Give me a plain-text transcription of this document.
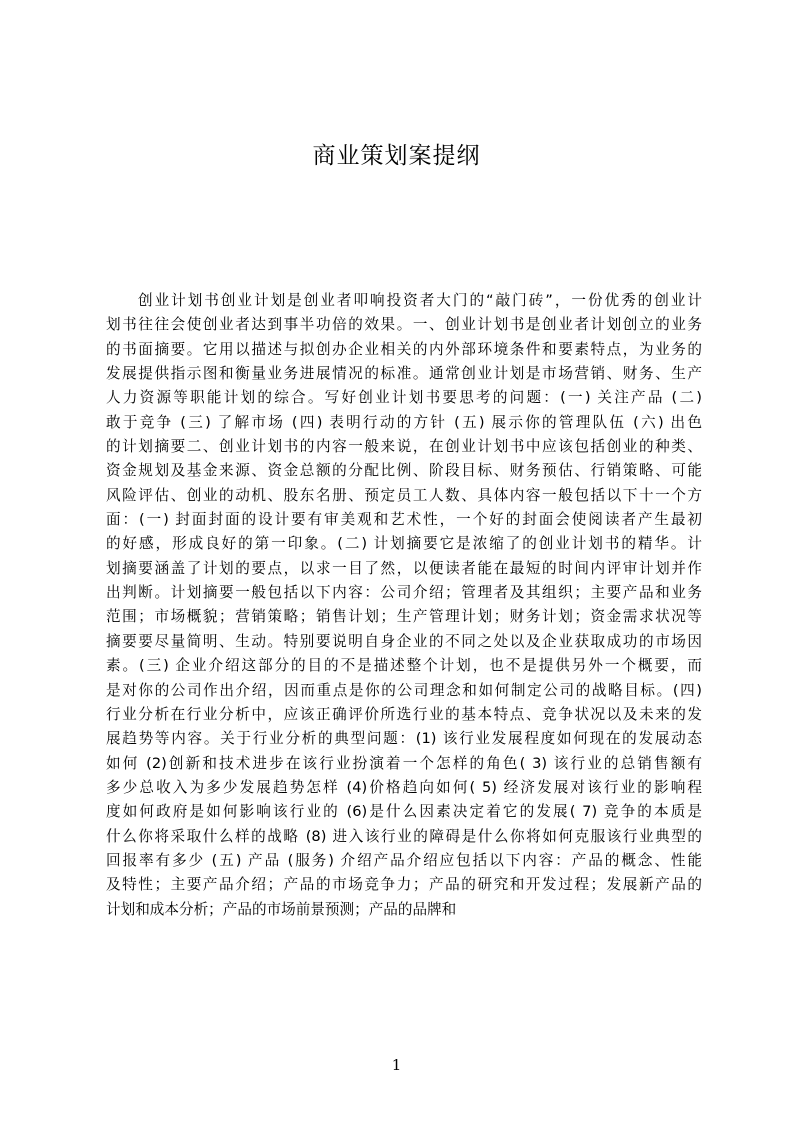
商业策划案提纲
创业计划书创业计划是创业者叩响投资者大门的“敲门砖”，一份优秀的创业计
划书往往会使创业者达到事半功倍的效果。一、创业计划书是创业者计划创立的业务
的书面摘要。它用以描述与拟创办企业相关的内外部环境条件和要素特点，为业务的
发展提供指示图和衡量业务进展情况的标准。通常创业计划是市场营销、财务、生产
人力资源等职能计划的综合。写好创业计划书要思考的问题：(一) 关注产品 (二)
敢于竞争 (三) 了解市场 (四) 表明行动的方针 (五) 展示你的管理队伍 (六) 出色
的计划摘要二、创业计划书的内容一般来说，在创业计划书中应该包括创业的种类、
资金规划及基金来源、资金总额的分配比例、阶段目标、财务预估、行销策略、可能
风险评估、创业的动机、股东名册、预定员工人数、具体内容一般包括以下十一个方
面：(一) 封面封面的设计要有审美观和艺术性，一个好的封面会使阅读者产生最初
的好感，形成良好的第一印象。(二) 计划摘要它是浓缩了的创业计划书的精华。计
划摘要涵盖了计划的要点，以求一目了然，以便读者能在最短的时间内评审计划并作
出判断。计划摘要一般包括以下内容：公司介绍；管理者及其组织；主要产品和业务
范围；市场概貌；营销策略；销售计划；生产管理计划；财务计划；资金需求状况等
摘要要尽量简明、生动。特别要说明自身企业的不同之处以及企业获取成功的市场因
素。(三) 企业介绍这部分的目的不是描述整个计划，也不是提供另外一个概要，而
是对你的公司作出介绍，因而重点是你的公司理念和如何制定公司的战略目标。(四)
行业分析在行业分析中，应该正确评价所选行业的基本特点、竞争状况以及未来的发
展趋势等内容。关于行业分析的典型问题：(1) 该行业发展程度如何现在的发展动态
如何 (2)创新和技术进步在该行业扮演着一个怎样的角色( 3) 该行业的总销售额有
多少总收入为多少发展趋势怎样 (4)价格趋向如何( 5) 经济发展对该行业的影响程
度如何政府是如何影响该行业的 (6)是什么因素决定着它的发展( 7) 竞争的本质是
什么你将采取什么样的战略 (8) 进入该行业的障碍是什么你将如何克服该行业典型的
回报率有多少 (五) 产品 (服务) 介绍产品介绍应包括以下内容：产品的概念、性能
及特性；主要产品介绍；产品的市场竞争力；产品的研究和开发过程；发展新产品的
计划和成本分析；产品的市场前景预测；产品的品牌和
1
